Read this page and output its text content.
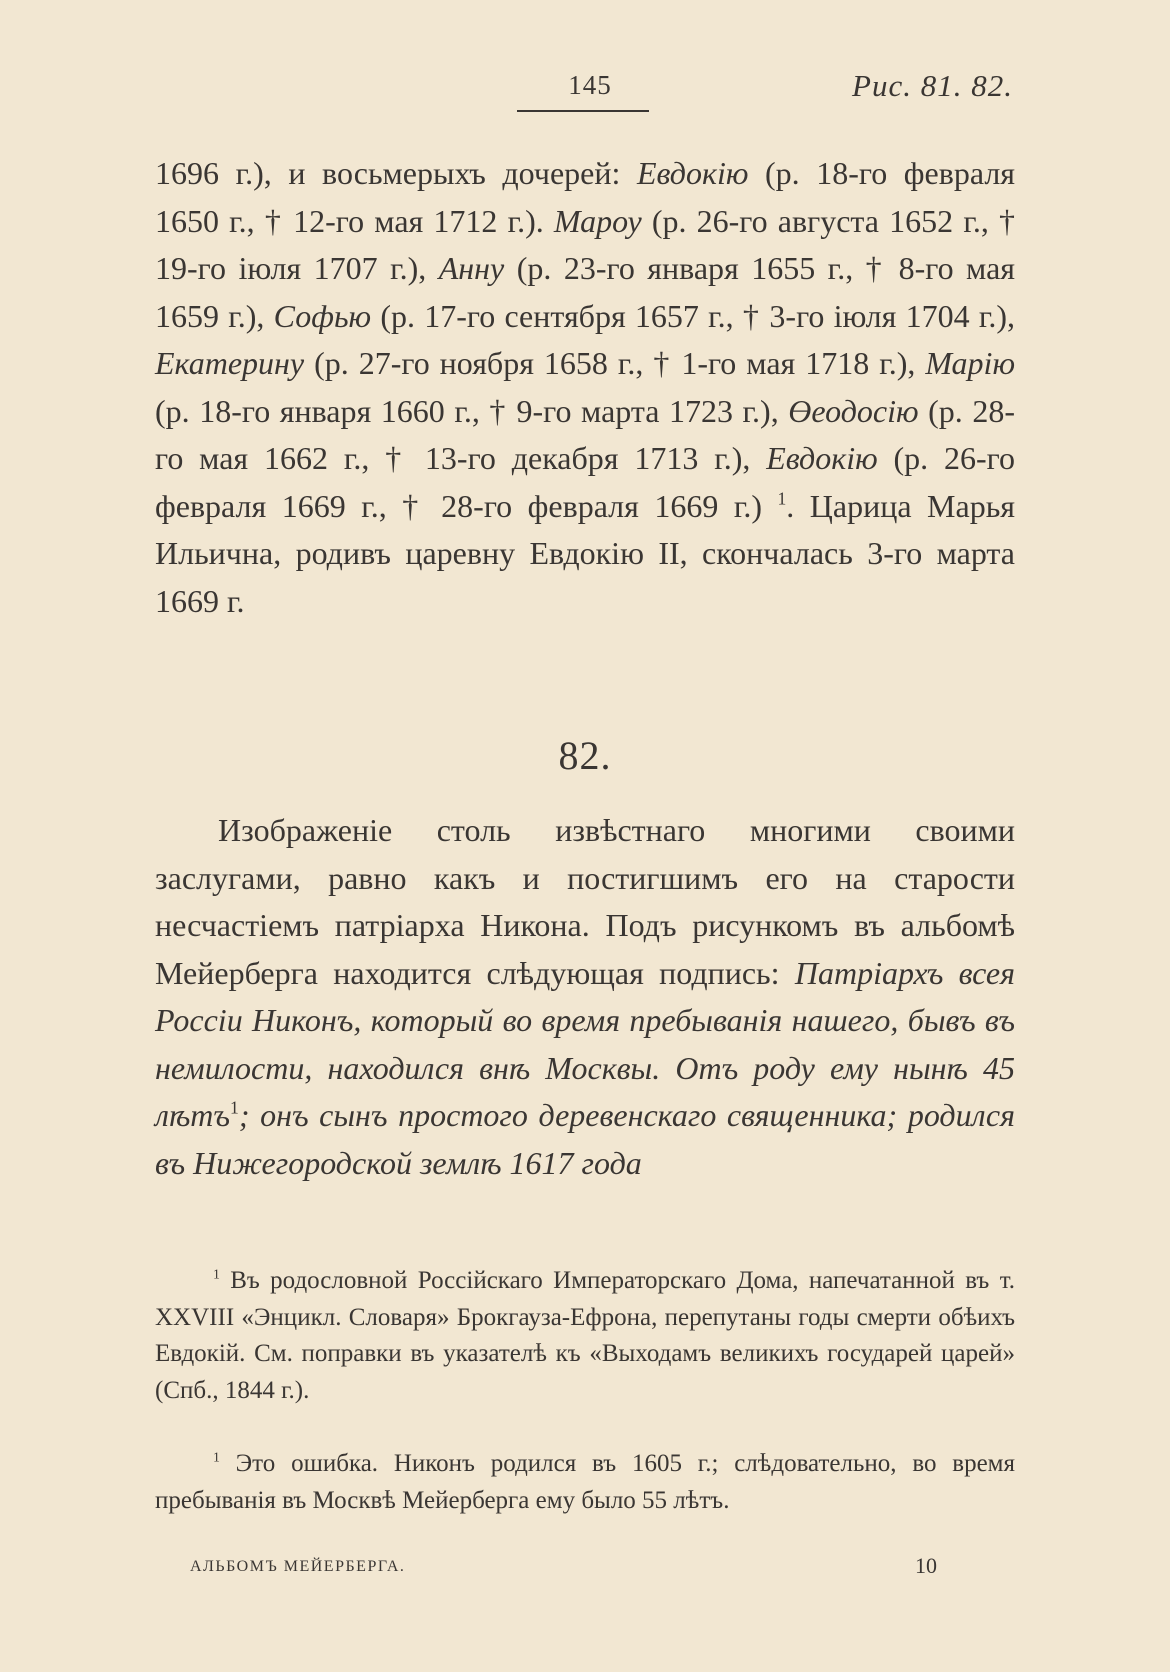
145	Рис. 81. 82.
1696 г.), и восьмерыхъ дочерей: Евдокію (р. 18-го февраля 1650 г., † 12-го мая 1712 г.). Мароу (р. 26-го августа 1652 г., † 19-го іюля 1707 г.), Анну (р. 23-го января 1655 г., † 8-го мая 1659 г.), Софью (р. 17-го сентября 1657 г., † 3-го іюля 1704 г.), Екатерину (р. 27-го ноября 1658 г., † 1-го мая 1718 г.), Марію (р. 18-го января 1660 г., † 9-го марта 1723 г.), Өеодосію (р. 28-го мая 1662 г., † 13-го декабря 1713 г.), Евдокію (р. 26-го февраля 1669 г., † 28-го февраля 1669 г.) $^1$. Царица Марья Ильична, родивъ царевну Евдокію II, скончалась 3-го марта 1669 г.
82.
Изображеніе столь извѣстнаго многими своими заслугами, равно какъ и постигшимъ его на старости несчастіемъ патріарха Никона. Подъ рисункомъ въ альбомѣ Мейерберга находится слѣдующая подпись: Патріархъ всея Россіи Никонъ, который во время пребыванія нашего, бывъ въ немилости, находился внѣ Москвы. Отъ роду ему нынѣ 45 лѣтъ$^1$; онъ сынъ простого деревенскаго священника; родился въ Нижегородской землѣ 1617 года
$^1$ Въ родословной Россійскаго Императорскаго Дома, напечатанной въ т. XXVIII «Энцикл. Словаря» Брокгауза-Ефрона, перепутаны годы смерти обѣихъ Евдокій. См. поправки въ указателѣ къ «Выходамъ великихъ государей царей» (Спб., 1844 г.).
$^1$ Это ошибка. Никонъ родился въ 1605 г.; слѣдовательно, во время пребыванія въ Москвѣ Мейерберга ему было 55 лѣтъ.
АЛЬБОМЪ МЕЙЕРБЕРГА.	10
